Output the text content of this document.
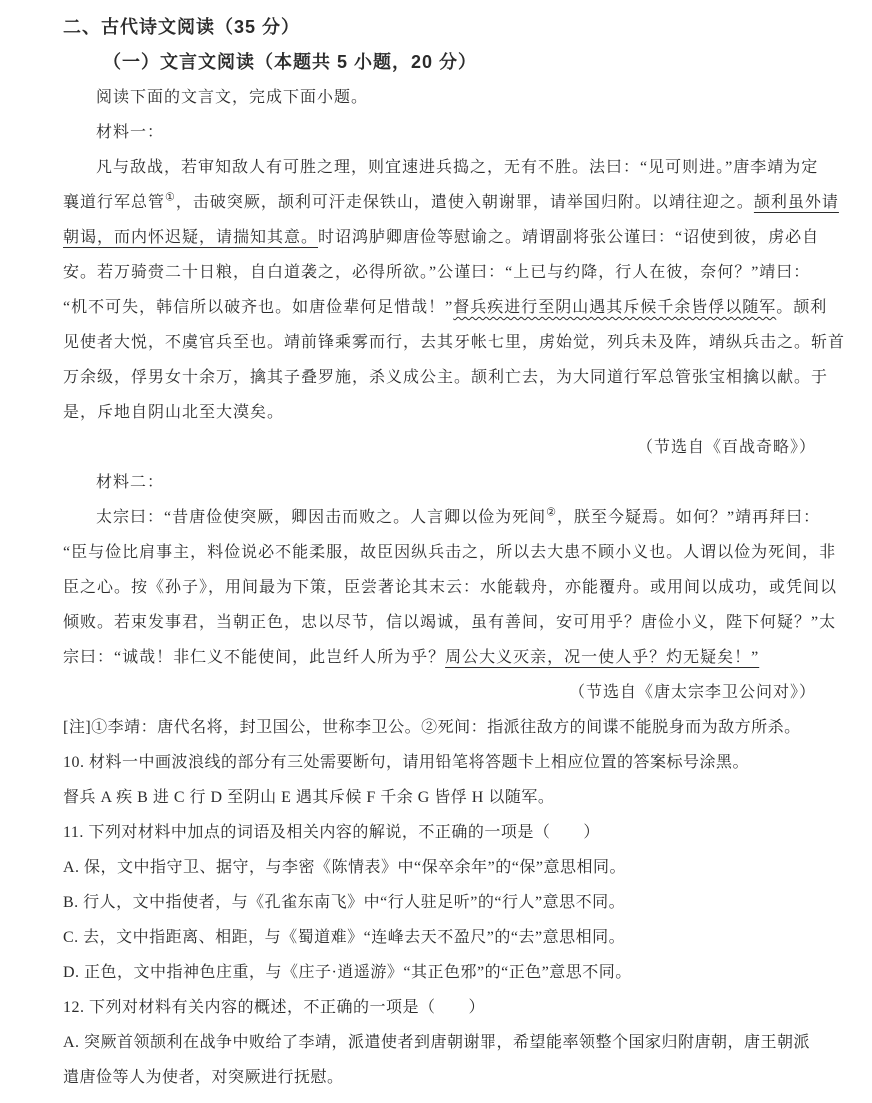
二、古代诗文阅读（35 分）
（一）文言文阅读（本题共 5 小题，20 分）
阅读下面的文言文，完成下面小题。
材料一：
凡与敌战，若审知敌人有可胜之理，则宜速进兵捣之，无有不胜。法曰：“见可则进。”唐李靖为定
襄道行军总管①，击破突厥，颉利可汗走保铁山，遣使入朝谢罪，请举国归附。以靖往迎之。颉利虽外请
朝谒，而内怀迟疑，请揣知其意。时诏鸿胪卿唐俭等慰谕之。靖谓副将张公谨曰：“诏使到彼，虏必自
安。若万骑赍二十日粮，自白道袭之，必得所欲。”公谨曰：“上已与约降，行人在彼，奈何？”靖曰：
“机不可失，韩信所以破齐也。如唐俭辈何足惜哉！”督兵疾进行至阴山遇其斥候千余皆俘以随军。颉利
见使者大悦，不虞官兵至也。靖前锋乘雾而行，去其牙帐七里，虏始觉，列兵未及阵，靖纵兵击之。斩首
万余级，俘男女十余万，擒其子叠罗施，杀义成公主。颉利亡去，为大同道行军总管张宝相擒以献。于
是，斥地自阴山北至大漠矣。
（节选自《百战奇略》）
材料二：
太宗曰：“昔唐俭使突厥，卿因击而败之。人言卿以俭为死间②，朕至今疑焉。如何？”靖再拜曰：
“臣与俭比肩事主，料俭说必不能柔服，故臣因纵兵击之，所以去大患不顾小义也。人谓以俭为死间，非
臣之心。按《孙子》，用间最为下策，臣尝著论其末云：水能载舟，亦能覆舟。或用间以成功，或凭间以
倾败。若束发事君，当朝正色，忠以尽节，信以竭诚，虽有善间，安可用乎？唐俭小义，陛下何疑？”太
宗曰：“诚哉！非仁义不能使间，此岂纤人所为乎？周公大义灭亲，况一使人乎？灼无疑矣！”
（节选自《唐太宗李卫公问对》）
[注]①李靖：唐代名将，封卫国公，世称李卫公。②死间：指派往敌方的间谍不能脱身而为敌方所杀。
10. 材料一中画波浪线的部分有三处需要断句，请用铅笔将答题卡上相应位置的答案标号涂黑。
督兵 A 疾 B 进 C 行 D 至阴山 E 遇其斥候 F 千余 G 皆俘 H 以随军。
11. 下列对材料中加点的词语及相关内容的解说，不正确的一项是（　　）
A. 保，文中指守卫、据守，与李密《陈情表》中“保卒余年”的“保”意思相同。
B. 行人，文中指使者，与《孔雀东南飞》中“行人驻足听”的“行人”意思不同。
C. 去，文中指距离、相距，与《蜀道难》“连峰去天不盈尺”的“去”意思相同。
D. 正色，文中指神色庄重，与《庄子·逍遥游》“其正色邪”的“正色”意思不同。
12. 下列对材料有关内容的概述，不正确的一项是（　　）
A. 突厥首领颉利在战争中败给了李靖，派遣使者到唐朝谢罪，希望能率领整个国家归附唐朝，唐王朝派
遣唐俭等人为使者，对突厥进行抚慰。
